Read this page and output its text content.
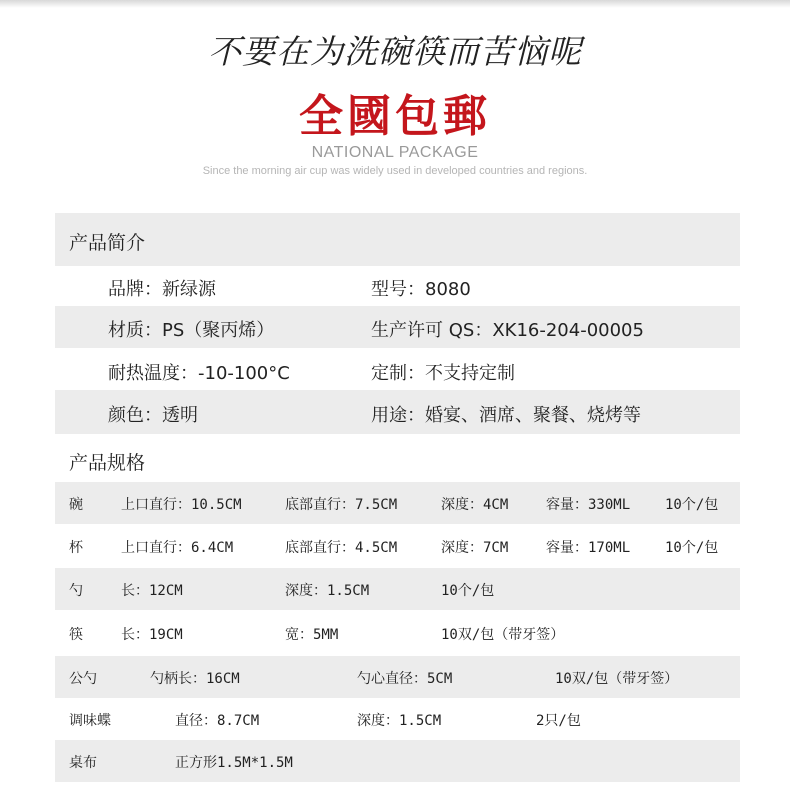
不要在为洗碗筷而苦恼呢
全國包郵
NATIONAL PACKAGE
Since the morning air cup was widely used in developed countries and regions.
产品简介
品牌：新绿源	型号：8080
材质：PS（聚丙烯）	生产许可 QS：XK16-204-00005
耐热温度：-10-100°C	定制：不支持定制
颜色：透明	用途：婚宴、酒席、聚餐、烧烤等
产品规格
碗	上口直行：10.5CM	底部直行：7.5CM	深度：4CM	容量：330ML 10个/包
杯	上口直行：6.4CM	底部直行：4.5CM	深度：7CM	容量：170ML 10个/包
勺	长：12CM	深度：1.5CM	10个/包
筷	长：19CM	宽：5MM	10双/包（带牙签）
公勺	勺柄长：16CM	勺心直径：5CM	10双/包（带牙签）
调味蝶	直径：8.7CM	深度：1.5CM	2只/包
桌布	正方形1.5M*1.5M
